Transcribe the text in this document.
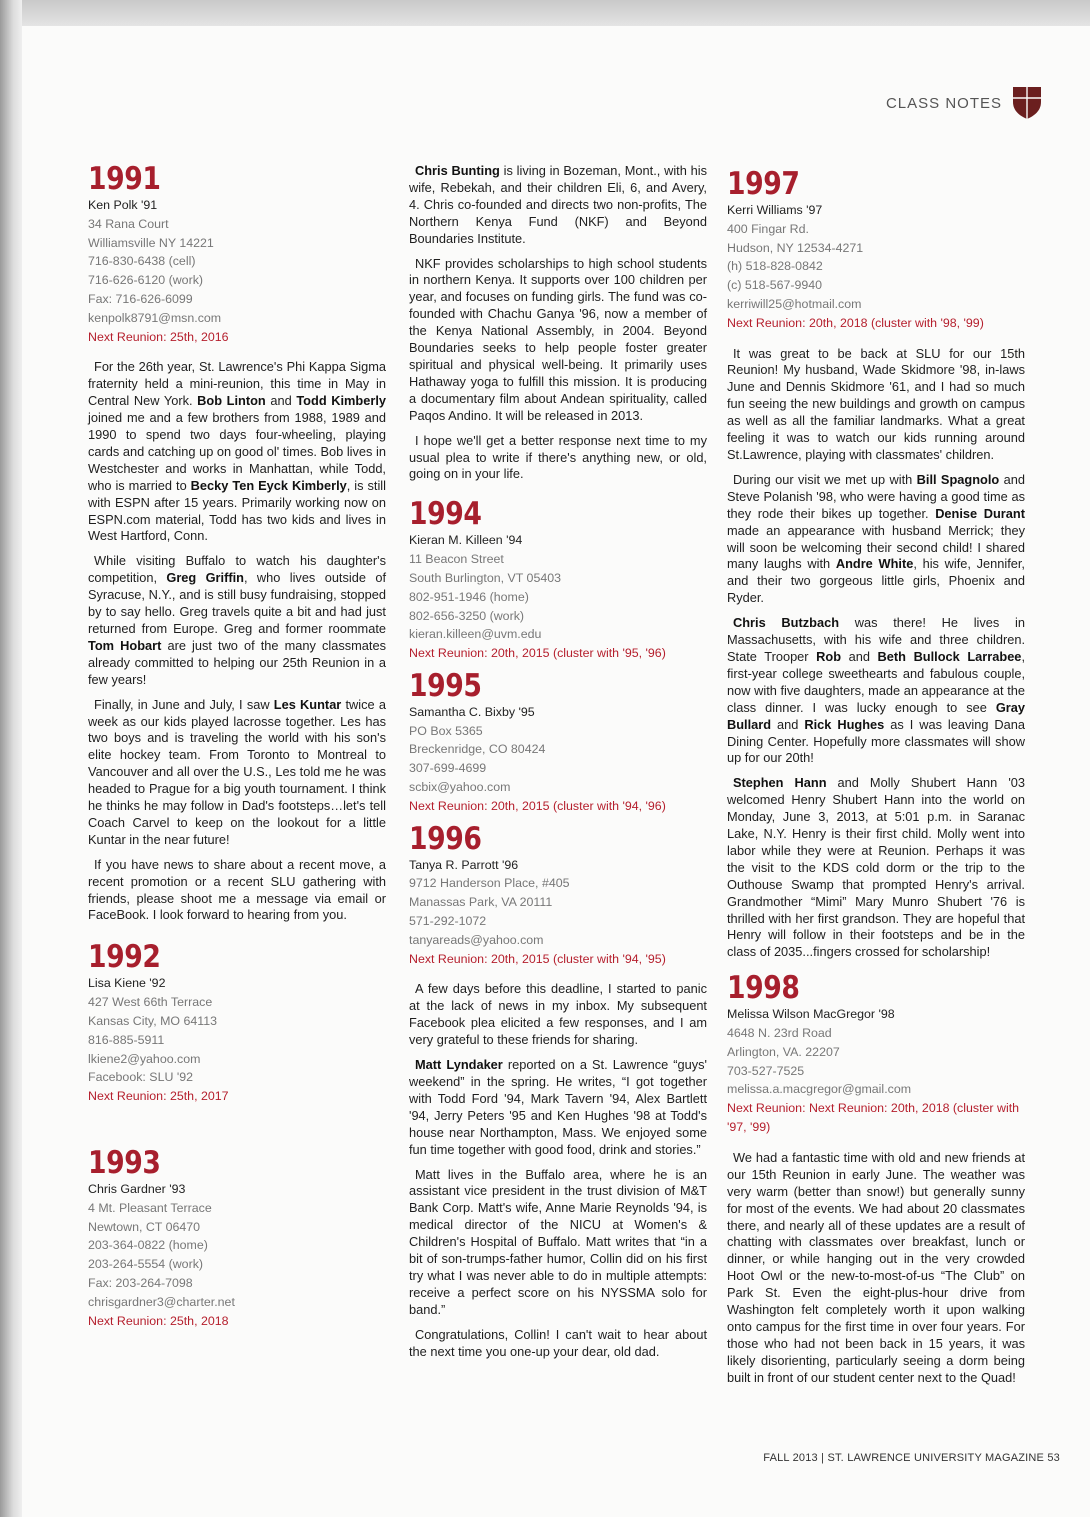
CLASS NOTES
1991
Ken Polk '91
34 Rana Court
Williamsville NY 14221
716-830-6438 (cell)
716-626-6120 (work)
Fax: 716-626-6099
kenpolk8791@msn.com
Next Reunion: 25th, 2016

For the 26th year, St. Lawrence's Phi Kappa Sigma fraternity held a mini-reunion, this time in May in Central New York. Bob Linton and Todd Kimberly joined me and a few brothers from 1988, 1989 and 1990 to spend two days four-wheeling, playing cards and catching up on good ol' times. Bob lives in Westchester and works in Manhattan, while Todd, who is married to Becky Ten Eyck Kimberly, is still with ESPN after 15 years. Primarily working now on ESPN.com material, Todd has two kids and lives in West Hartford, Conn.

While visiting Buffalo to watch his daughter's competition, Greg Griffin, who lives outside of Syracuse, N.Y., and is still busy fundraising, stopped by to say hello. Greg travels quite a bit and had just returned from Europe. Greg and former roommate Tom Hobart are just two of the many classmates already committed to helping our 25th Reunion in a few years!

Finally, in June and July, I saw Les Kuntar twice a week as our kids played lacrosse together. Les has two boys and is traveling the world with his son's elite hockey team. From Toronto to Montreal to Vancouver and all over the U.S., Les told me he was headed to Prague for a big youth tournament. I think he thinks he may follow in Dad's footsteps…let's tell Coach Carvel to keep on the lookout for a little Kuntar in the near future!

If you have news to share about a recent move, a recent promotion or a recent SLU gathering with friends, please shoot me a message via email or FaceBook. I look forward to hearing from you.

1992
Lisa Kiene '92
427 West 66th Terrace
Kansas City, MO 64113
816-885-5911
lkiene2@yahoo.com
Facebook: SLU '92
Next Reunion: 25th, 2017
1993
Chris Gardner '93
4 Mt. Pleasant Terrace
Newtown, CT 06470
203-364-0822 (home)
203-264-5554 (work)
Fax: 203-264-7098
chrisgardner3@charter.net
Next Reunion: 25th, 2018

Chris Bunting is living in Bozeman, Mont., with his wife, Rebekah, and their children Eli, 6, and Avery, 4. Chris co-founded and directs two non-profits, The Northern Kenya Fund (NKF) and Beyond Boundaries Institute.

NKF provides scholarships to high school students in northern Kenya. It supports over 100 children per year, and focuses on funding girls. The fund was co-founded with Chachu Ganya '96, now a member of the Kenya National Assembly, in 2004. Beyond Boundaries seeks to help people foster greater spiritual and physical well-being. It primarily uses Hathaway yoga to fulfill this mission. It is producing a documentary film about Andean spirituality, called Paqos Andino. It will be released in 2013.

I hope we'll get a better response next time to my usual plea to write if there's anything new, or old, going on in your life.

1994
Kieran M. Killeen '94
11 Beacon Street
South Burlington, VT 05403
802-951-1946 (home)
802-656-3250 (work)
kieran.killeen@uvm.edu
Next Reunion: 20th, 2015 (cluster with '95, '96)
1995
Samantha C. Bixby '95
PO Box 5365
Breckenridge, CO 80424
307-699-4699
scbix@yahoo.com
Next Reunion: 20th, 2015 (cluster with '94, '96)
1996
Tanya R. Parrott '96
9712 Handerson Place, #405
Manassas Park, VA 20111
571-292-1072
tanyareads@yahoo.com
Next Reunion: 20th, 2015 (cluster with '94, '95)

A few days before this deadline, I started to panic at the lack of news in my inbox. My subsequent Facebook plea elicited a few responses, and I am very grateful to these friends for sharing.

Matt Lyndaker reported on a St. Lawrence “guys' weekend” in the spring. He writes, “I got together with Todd Ford '94, Mark Tavern '94, Alex Bartlett '94, Jerry Peters '95 and Ken Hughes '98 at Todd's house near Northampton, Mass. We enjoyed some fun time together with good food, drink and stories.”

Matt lives in the Buffalo area, where he is an assistant vice president in the trust division of M&T Bank Corp. Matt's wife, Anne Marie Reynolds '94, is medical director of the NICU at Women's & Children's Hospital of Buffalo. Matt writes that “in a bit of son-trumps-father humor, Collin did on his first try what I was never able to do in multiple attempts: receive a perfect score on his NYSSMA solo for band.”

Congratulations, Collin! I can't wait to hear about the next time you one-up your dear, old dad.

1997
Kerri Williams '97
400 Fingar Rd.
Hudson, NY 12534-4271
(h) 518-828-0842
(c) 518-567-9940
kerriwill25@hotmail.com
Next Reunion: 20th, 2018 (cluster with '98, '99)

It was great to be back at SLU for our 15th Reunion! My husband, Wade Skidmore '98, in-laws June and Dennis Skidmore '61, and I had so much fun seeing the new buildings and growth on campus as well as all the familiar landmarks. What a great feeling it was to watch our kids running around St.Lawrence, playing with classmates' children.

During our visit we met up with Bill Spagnolo and Steve Polanish '98, who were having a good time as they rode their bikes up together. Denise Durant made an appearance with husband Merrick; they will soon be welcoming their second child! I shared many laughs with Andre White, his wife, Jennifer, and their two gorgeous little girls, Phoenix and Ryder.

Chris Butzbach was there! He lives in Massachusetts, with his wife and three children. State Trooper Rob and Beth Bullock Larrabee, first-year college sweethearts and fabulous couple, now with five daughters, made an appearance at the class dinner. I was lucky enough to see Gray Bullard and Rick Hughes as I was leaving Dana Dining Center. Hopefully more classmates will show up for our 20th!

Stephen Hann and Molly Shubert Hann '03 welcomed Henry Shubert Hann into the world on Monday, June 3, 2013, at 5:01 p.m. in Saranac Lake, N.Y. Henry is their first child. Molly went into labor while they were at Reunion. Perhaps it was the visit to the KDS cold dorm or the trip to the Outhouse Swamp that prompted Henry's arrival. Grandmother “Mimi” Mary Munro Shubert '76 is thrilled with her first grandson. They are hopeful that Henry will follow in their footsteps and be in the class of 2035...fingers crossed for scholarship!

1998
Melissa Wilson MacGregor '98
4648 N. 23rd Road
Arlington, VA. 22207
703-527-7525
melissa.a.macgregor@gmail.com
Next Reunion: Next Reunion: 20th, 2018 (cluster with '97, '99)

We had a fantastic time with old and new friends at our 15th Reunion in early June. The weather was very warm (better than snow!) but generally sunny for most of the events. We had about 20 classmates there, and nearly all of these updates are a result of chatting with classmates over breakfast, lunch or dinner, or while hanging out in the very crowded Hoot Owl or the new-to-most-of-us “The Club” on Park St. Even the eight-plus-hour drive from Washington felt completely worth it upon walking onto campus for the first time in over four years. For those who had not been back in 15 years, it was likely disorienting, particularly seeing a dorm being built in front of our student center next to the Quad!

FALL 2013 | ST. LAWRENCE UNIVERSITY MAGAZINE 53
